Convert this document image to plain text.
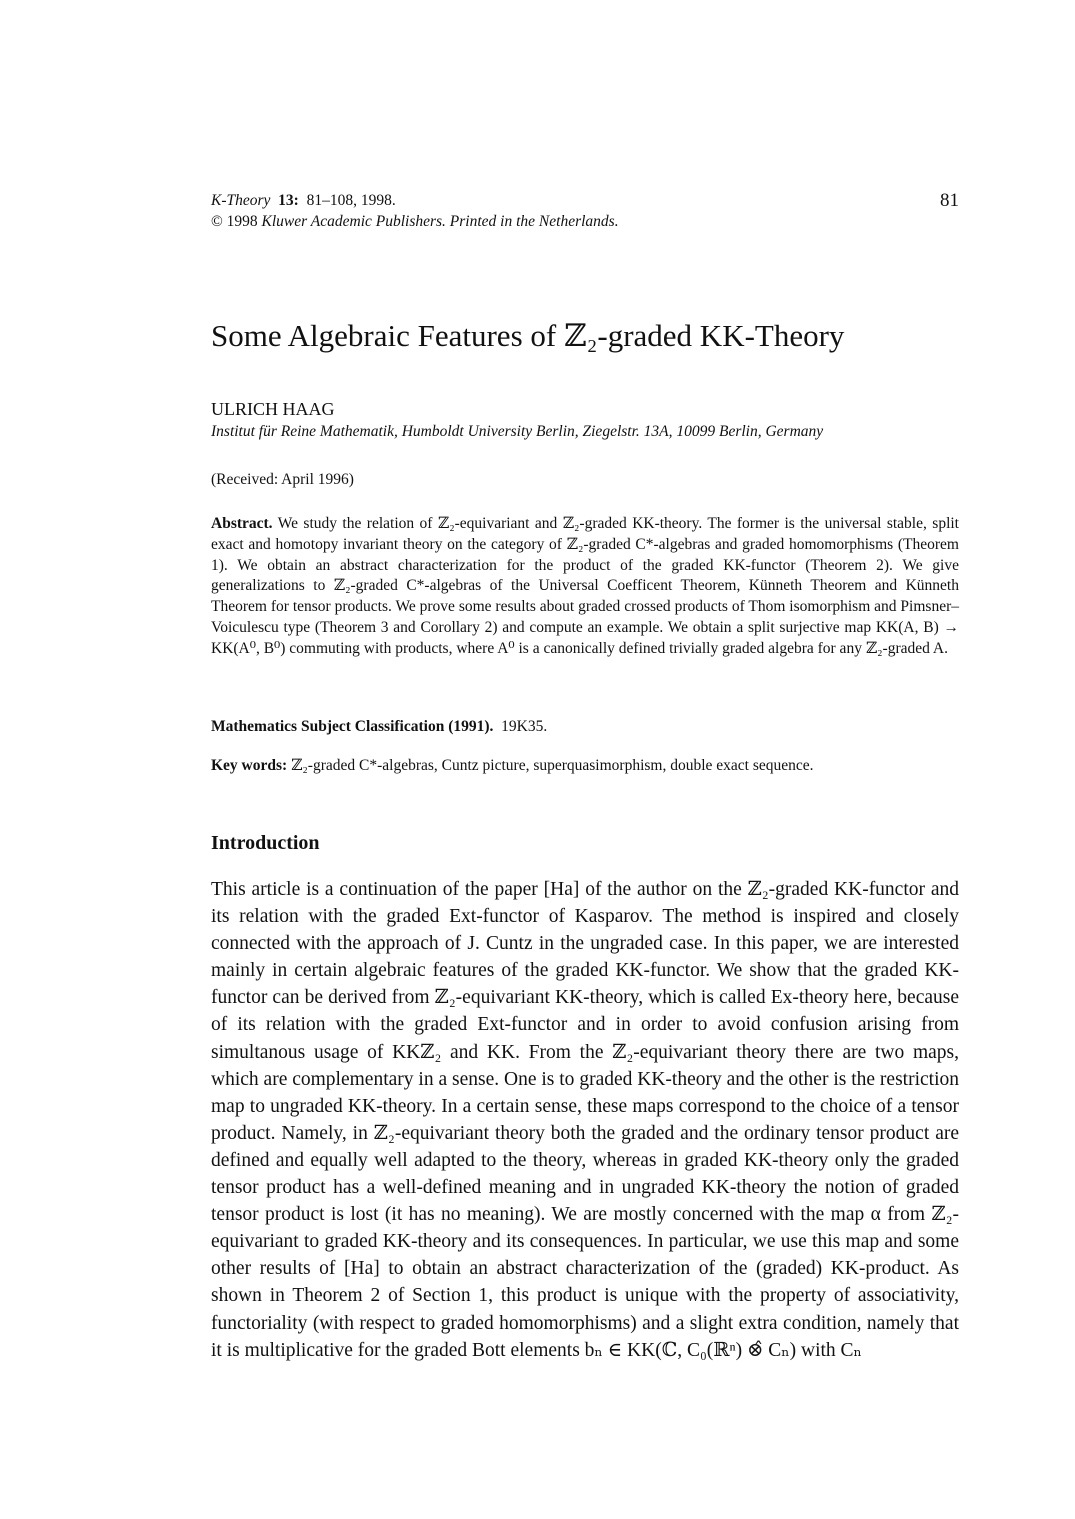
K-Theory 13: 81–108, 1998.
© 1998 Kluwer Academic Publishers. Printed in the Netherlands.
81
Some Algebraic Features of ℤ₂-graded KK-Theory
ULRICH HAAG
Institut für Reine Mathematik, Humboldt University Berlin, Ziegelstr. 13A, 10099 Berlin, Germany
(Received: April 1996)

Abstract. We study the relation of ℤ₂-equivariant and ℤ₂-graded KK-theory. The former is the universal stable, split exact and homotopy invariant theory on the category of ℤ₂-graded C*-algebras and graded homomorphisms (Theorem 1). We obtain an abstract characterization for the product of the graded KK-functor (Theorem 2). We give generalizations to ℤ₂-graded C*-algebras of the Universal Coefficent Theorem, Künneth Theorem and Künneth Theorem for tensor products. We prove some results about graded crossed products of Thom isomorphism and Pimsner–Voiculescu type (Theorem 3 and Corollary 2) and compute an example. We obtain a split surjective map KK(A, B) → KK(A⁰, B⁰) commuting with products, where A⁰ is a canonically defined trivially graded algebra for any ℤ₂-graded A.

Mathematics Subject Classification (1991). 19K35.
Key words: ℤ₂-graded C*-algebras, Cuntz picture, superquasimorphism, double exact sequence.
Introduction

This article is a continuation of the paper [Ha] of the author on the ℤ₂-graded KK-functor and its relation with the graded Ext-functor of Kasparov. The method is inspired and closely connected with the approach of J. Cuntz in the ungraded case. In this paper, we are interested mainly in certain algebraic features of the graded KK-functor. We show that the graded KK-functor can be derived from ℤ₂-equivariant KK-theory, which is called Ex-theory here, because of its relation with the graded Ext-functor and in order to avoid confusion arising from simultanous usage of KKℤ₂ and KK. From the ℤ₂-equivariant theory there are two maps, which are complementary in a sense. One is to graded KK-theory and the other is the restriction map to ungraded KK-theory. In a certain sense, these maps correspond to the choice of a tensor product. Namely, in ℤ₂-equivariant theory both the graded and the ordinary tensor product are defined and equally well adapted to the theory, whereas in graded KK-theory only the graded tensor product has a well-defined meaning and in ungraded KK-theory the notion of graded tensor product is lost (it has no meaning). We are mostly concerned with the map α from ℤ₂-equivariant to graded KK-theory and its consequences. In particular, we use this map and some other results of [Ha] to obtain an abstract characterization of the (graded) KK-product. As shown in Theorem 2 of Section 1, this product is unique with the property of associativity, functoriality (with respect to graded homomorphisms) and a slight extra condition, namely that it is multiplicative for the graded Bott elements bₙ ∈ KK(ℂ, C₀(ℝⁿ) ⊗̂ Cₙ) with Cₙ
